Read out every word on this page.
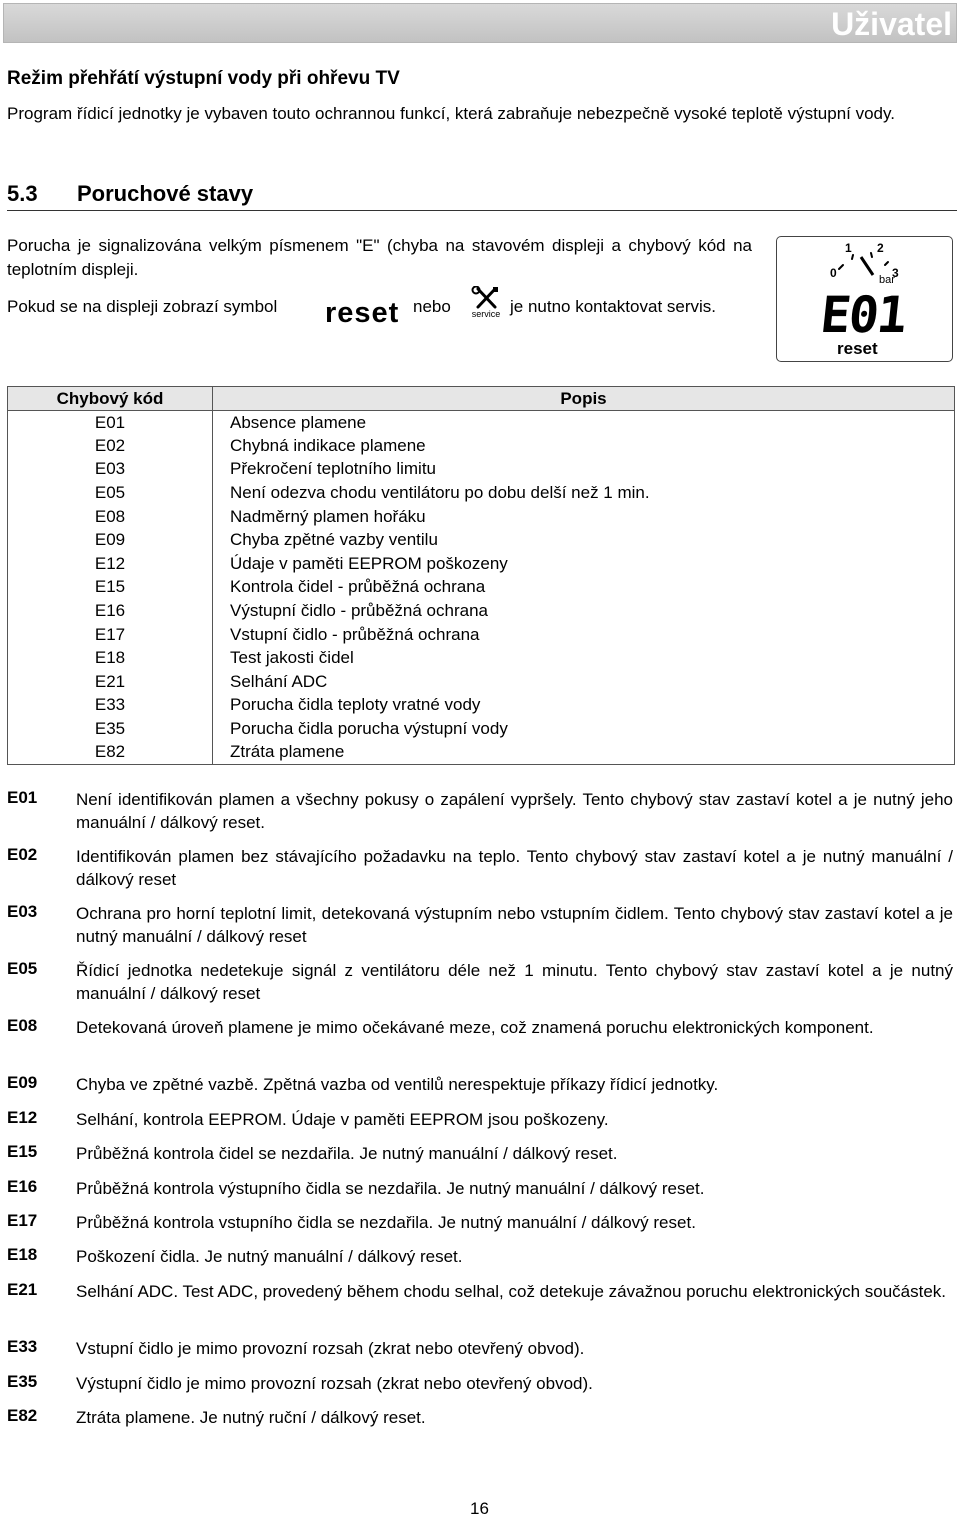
Uživatel
Režim přehřátí výstupní vody při ohřevu TV
Program řídicí jednotky je vybaven touto ochrannou funkcí, která zabraňuje nebezpečně vysoké teplotě výstupní vody.
5.3 Poruchové stavy
Porucha je signalizována velkým písmenem "E" (chyba na stavovém displeji a chybový kód na teplotním displeji.
Pokud se na displeji zobrazí symbol reset nebo service je nutno kontaktovat servis.
0
1 2
3
bar
E01
reset
Chybový kód	Popis
E01	Absence plamene
E02	Chybná indikace plamene
E03	Překročení teplotního limitu
E05	Není odezva chodu ventilátoru po dobu delší než 1 min.
E08	Nadměrný plamen hořáku
E09	Chyba zpětné vazby ventilu
E12	Údaje v paměti EEPROM poškozeny
E15	Kontrola čidel - průběžná ochrana
E16	Výstupní čidlo - průběžná ochrana
E17	Vstupní čidlo - průběžná ochrana
E18	Test jakosti čidel
E21	Selhání ADC
E33	Porucha čidla teploty vratné vody
E35	Porucha čidla porucha výstupní vody
E82	Ztráta plamene
E01 Není identifikován plamen a všechny pokusy o zapálení vypršely. Tento chybový stav zastaví kotel a je nutný jeho manuální / dálkový reset.
E02 Identifikován plamen bez stávajícího požadavku na teplo. Tento chybový stav zastaví kotel a je nutný manuální / dálkový reset
E03 Ochrana pro horní teplotní limit, detekovaná výstupním nebo vstupním čidlem. Tento chybový stav zastaví kotel a je nutný manuální / dálkový reset
E05 Řídicí jednotka nedetekuje signál z ventilátoru déle než 1 minutu. Tento chybový stav zastaví kotel a je nutný manuální / dálkový reset
E08 Detekovaná úroveň plamene je mimo očekávané meze, což znamená poruchu elektronických komponent.
E09 Chyba ve zpětné vazbě. Zpětná vazba od ventilů nerespektuje příkazy řídicí jednotky.
E12 Selhání, kontrola EEPROM. Údaje v paměti EEPROM jsou poškozeny.
E15 Průběžná kontrola čidel se nezdařila. Je nutný manuální / dálkový reset.
E16 Průběžná kontrola výstupního čidla se nezdařila. Je nutný manuální / dálkový reset.
E17 Průběžná kontrola vstupního čidla se nezdařila. Je nutný manuální / dálkový reset.
E18 Poškození čidla. Je nutný manuální / dálkový reset.
E21 Selhání ADC. Test ADC, provedený během chodu selhal, což detekuje závažnou poruchu elektronických součástek.
E33 Vstupní čidlo je mimo provozní rozsah (zkrat nebo otevřený obvod).
E35 Výstupní čidlo je mimo provozní rozsah (zkrat nebo otevřený obvod).
E82 Ztráta plamene. Je nutný ruční / dálkový reset.
16
